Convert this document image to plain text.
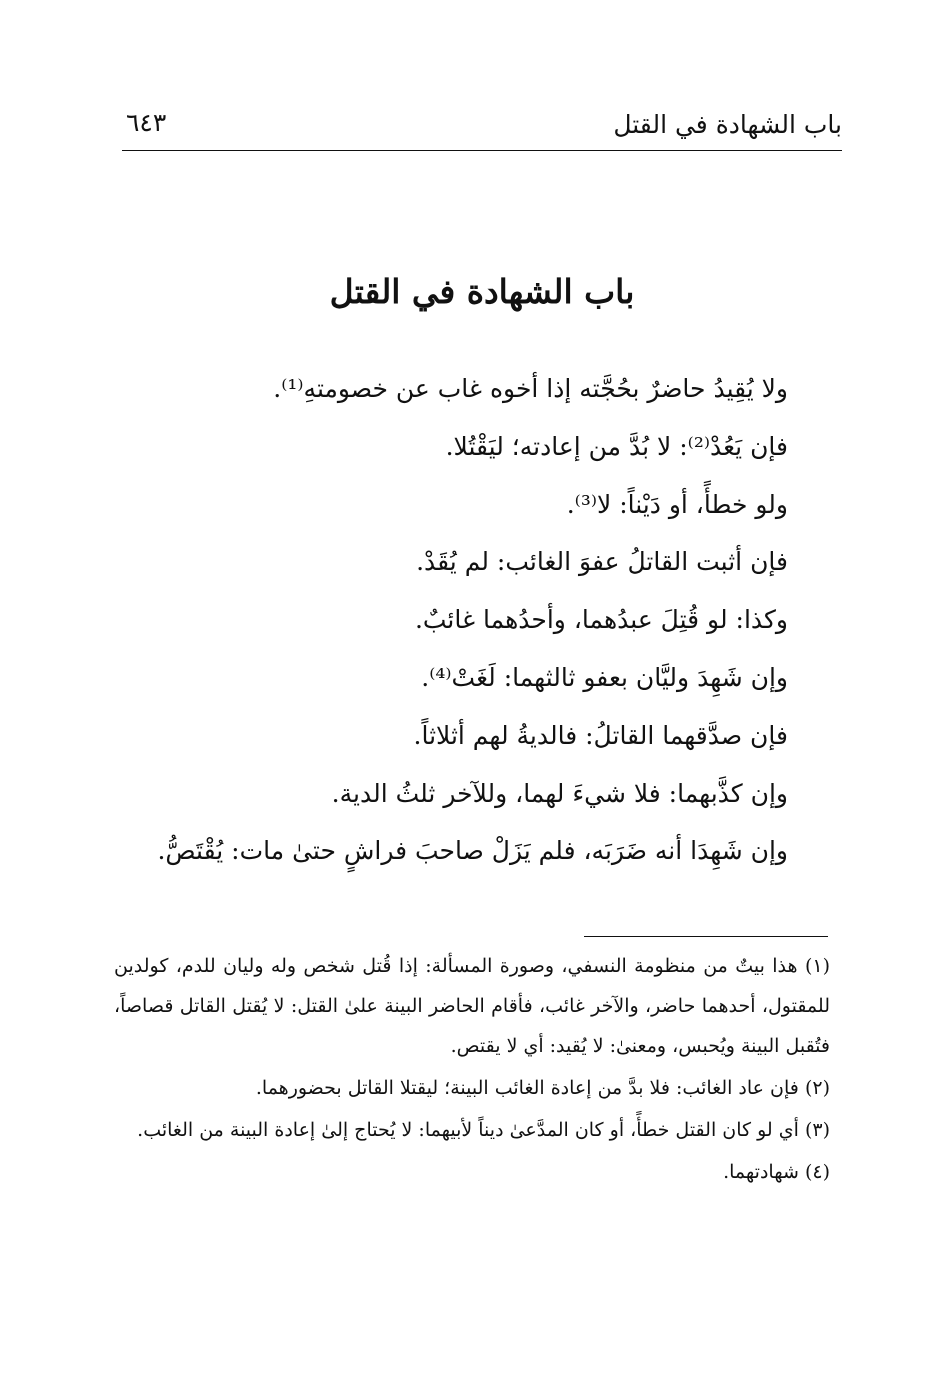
باب الشهادة في القتل
٦٤٣
باب الشهادة في القتل
ولا يُقِيدُ حاضرٌ بحُجَّته إذا أخوه غاب عن خصومتهِ⁽¹⁾.
فإن يَعُدْ⁽²⁾: لا بُدَّ من إعادته؛ ليَقْتُلا.
ولو خطأً، أو دَيْناً: لا⁽³⁾.
فإن أثبت القاتلُ عفوَ الغائب: لم يُقَدْ.
وكذا: لو قُتِلَ عبدُهما، وأحدُهما غائبٌ.
وإن شَهِدَ وليَّان بعفو ثالثهما: لَغَتْ⁽⁴⁾.
فإن صدَّقهما القاتلُ: فالديةُ لهم أثلاثاً.
وإن كذَّبهما: فلا شيءَ لهما، وللآخر ثلثُ الدية.
وإن شَهِدَا أنه ضَرَبَه، فلم يَزَلْ صاحبَ فراشٍ حتىٰ مات: يُقْتَصُّ.

(١) هذا بيتٌ من منظومة النسفي، وصورة المسألة: إذا قُتل شخص وله وليان للدم، كولدين للمقتول، أحدهما حاضر، والآخر غائب، فأقام الحاضر البينة علىٰ القتل: لا يُقتل القاتل قصاصاً، فتُقبل البينة ويُحبس، ومعنىٰ: لا يُقيد: أي لا يقتص.

(٢) فإن عاد الغائب: فلا بدَّ من إعادة الغائب البينة؛ ليقتلا القاتل بحضورهما.

(٣) أي لو كان القتل خطأً، أو كان المدَّعىٰ ديناً لأبيهما: لا يُحتاج إلىٰ إعادة البينة من الغائب.

(٤) شهادتهما.
